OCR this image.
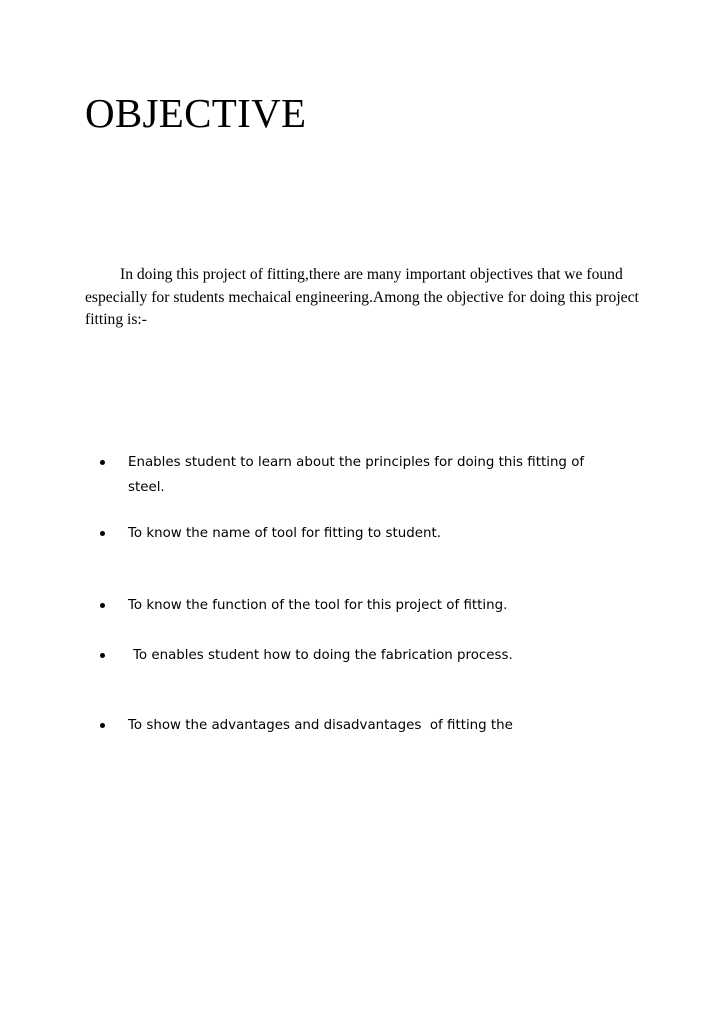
OBJECTIVE

In doing this project of fitting,there are many important objectives that we found especially for students mechaical engineering.Among the objective for doing this project fitting is:-

Enables student to learn about the principles for doing this fitting of steel.
To know the name of tool for fitting to student.
To know the function of the tool for this project of fitting.
To enables student how to doing the fabrication process.
To show the advantages and disadvantages  of fitting the
